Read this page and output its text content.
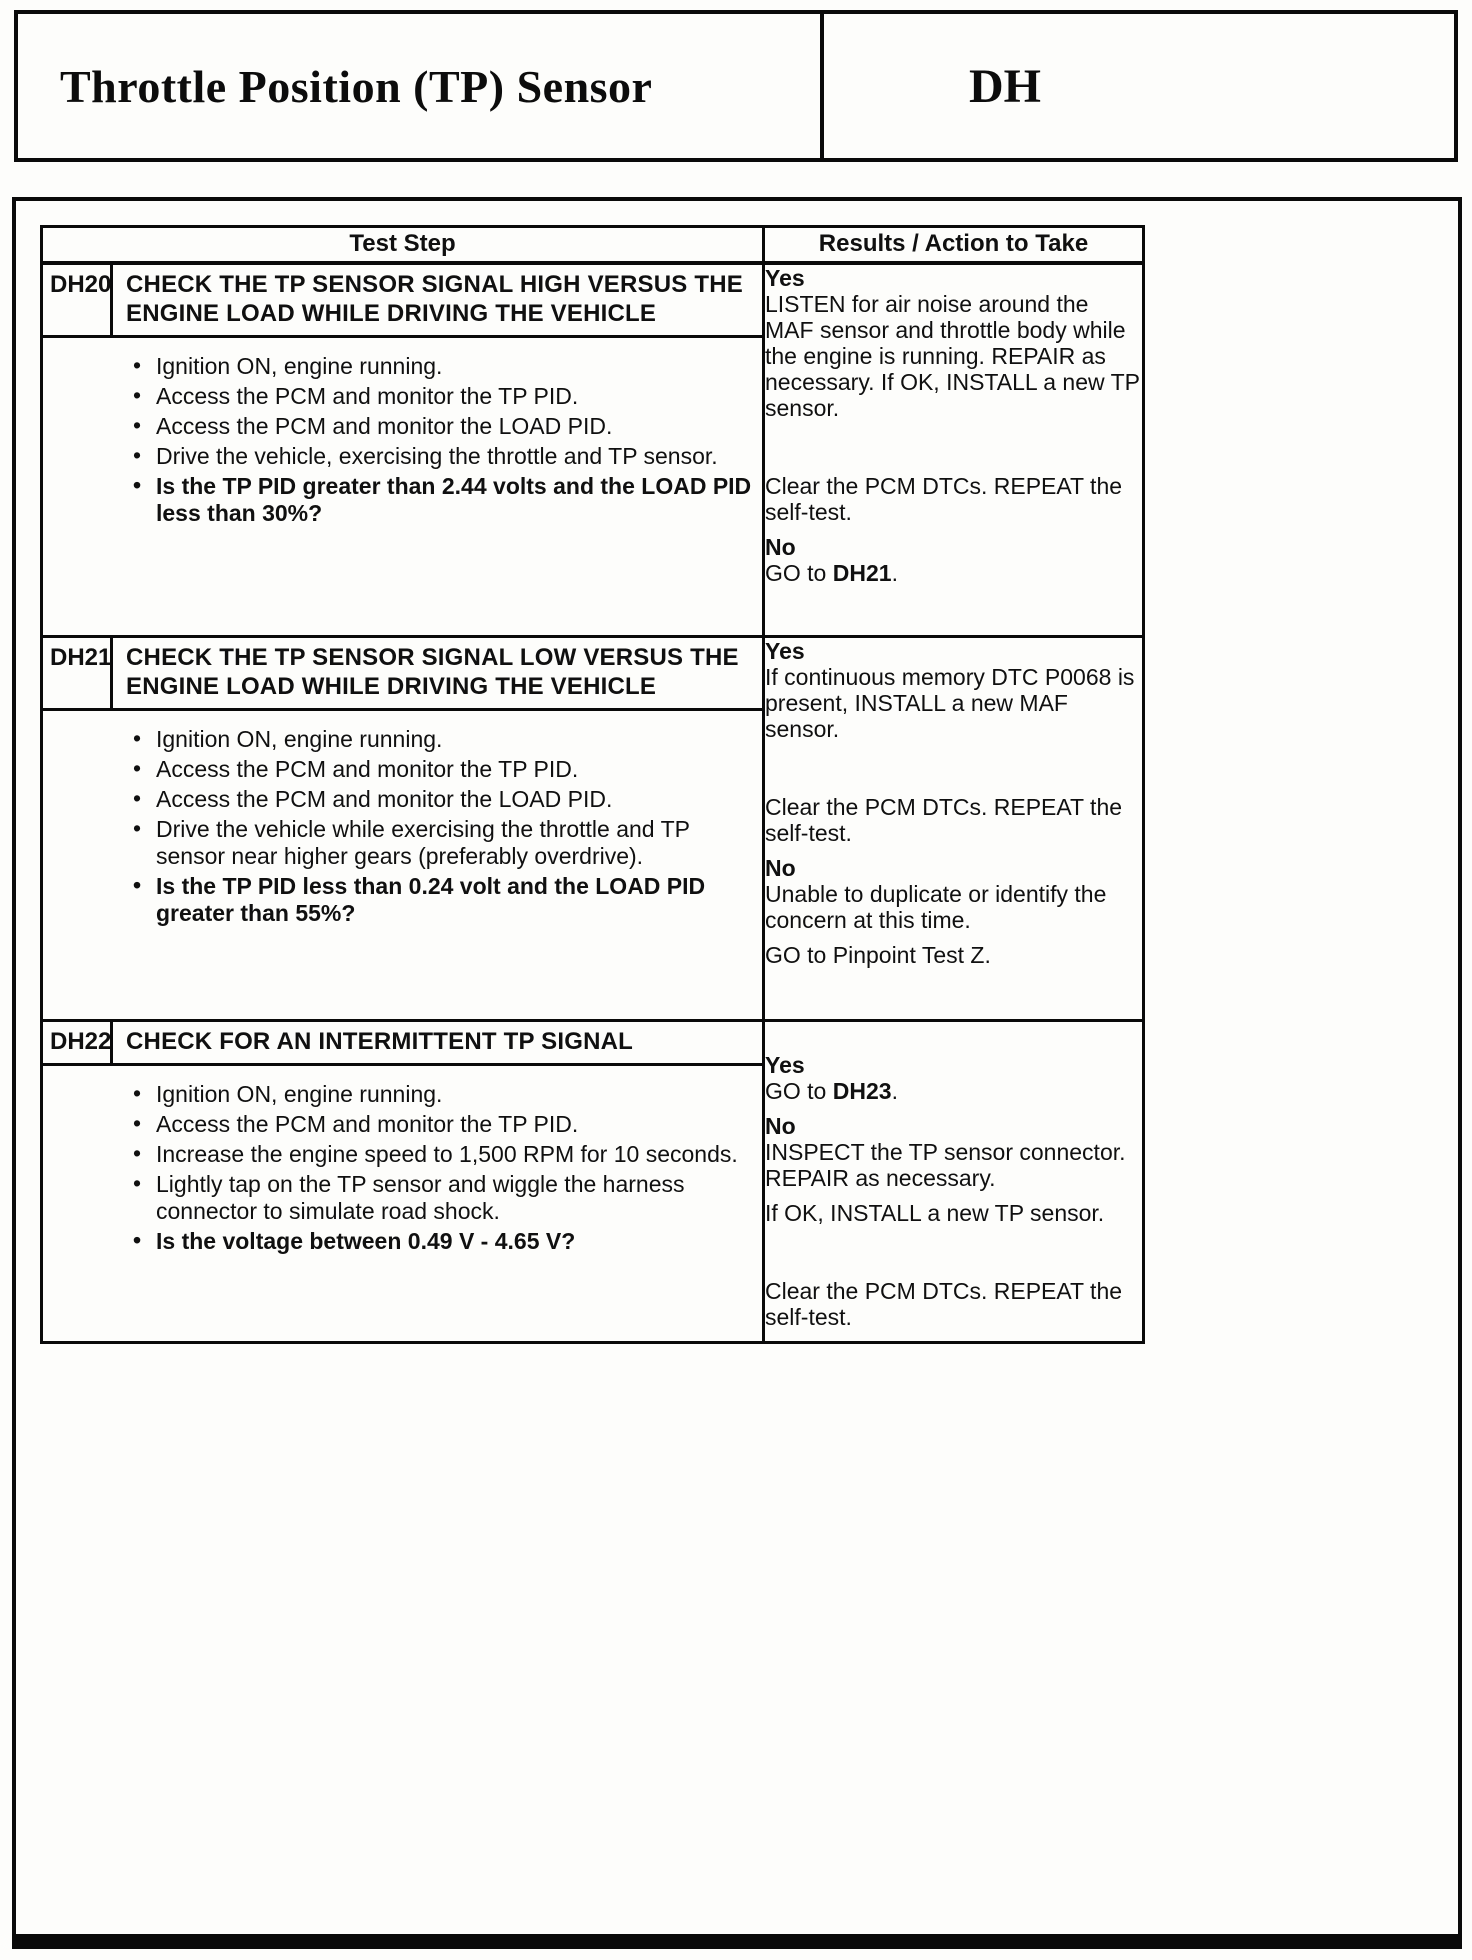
Throttle Position (TP) Sensor	DH
Test Step	Results / Action to Take

DH20 CHECK THE TP SENSOR SIGNAL HIGH VERSUS THE ENGINE LOAD WHILE DRIVING THE VEHICLE
• Ignition ON, engine running.
• Access the PCM and monitor the TP PID.
• Access the PCM and monitor the LOAD PID.
• Drive the vehicle, exercising the throttle and TP sensor.
• Is the TP PID greater than 2.44 volts and the LOAD PID less than 30%?

Yes
LISTEN for air noise around the MAF sensor and throttle body while the engine is running. REPAIR as necessary. If OK, INSTALL a new TP sensor.
Clear the PCM DTCs. REPEAT the self-test.
No
GO to DH21.

DH21 CHECK THE TP SENSOR SIGNAL LOW VERSUS THE ENGINE LOAD WHILE DRIVING THE VEHICLE
• Ignition ON, engine running.
• Access the PCM and monitor the TP PID.
• Access the PCM and monitor the LOAD PID.
• Drive the vehicle while exercising the throttle and TP sensor near higher gears (preferably overdrive).
• Is the TP PID less than 0.24 volt and the LOAD PID greater than 55%?

Yes
If continuous memory DTC P0068 is present, INSTALL a new MAF sensor.
Clear the PCM DTCs. REPEAT the self-test.
No
Unable to duplicate or identify the concern at this time.
GO to Pinpoint Test Z.

DH22 CHECK FOR AN INTERMITTENT TP SIGNAL
• Ignition ON, engine running.
• Access the PCM and monitor the TP PID.
• Increase the engine speed to 1,500 RPM for 10 seconds.
• Lightly tap on the TP sensor and wiggle the harness connector to simulate road shock.
• Is the voltage between 0.49 V - 4.65 V?

Yes
GO to DH23.
No
INSPECT the TP sensor connector. REPAIR as necessary.
If OK, INSTALL a new TP sensor.
Clear the PCM DTCs. REPEAT the self-test.
